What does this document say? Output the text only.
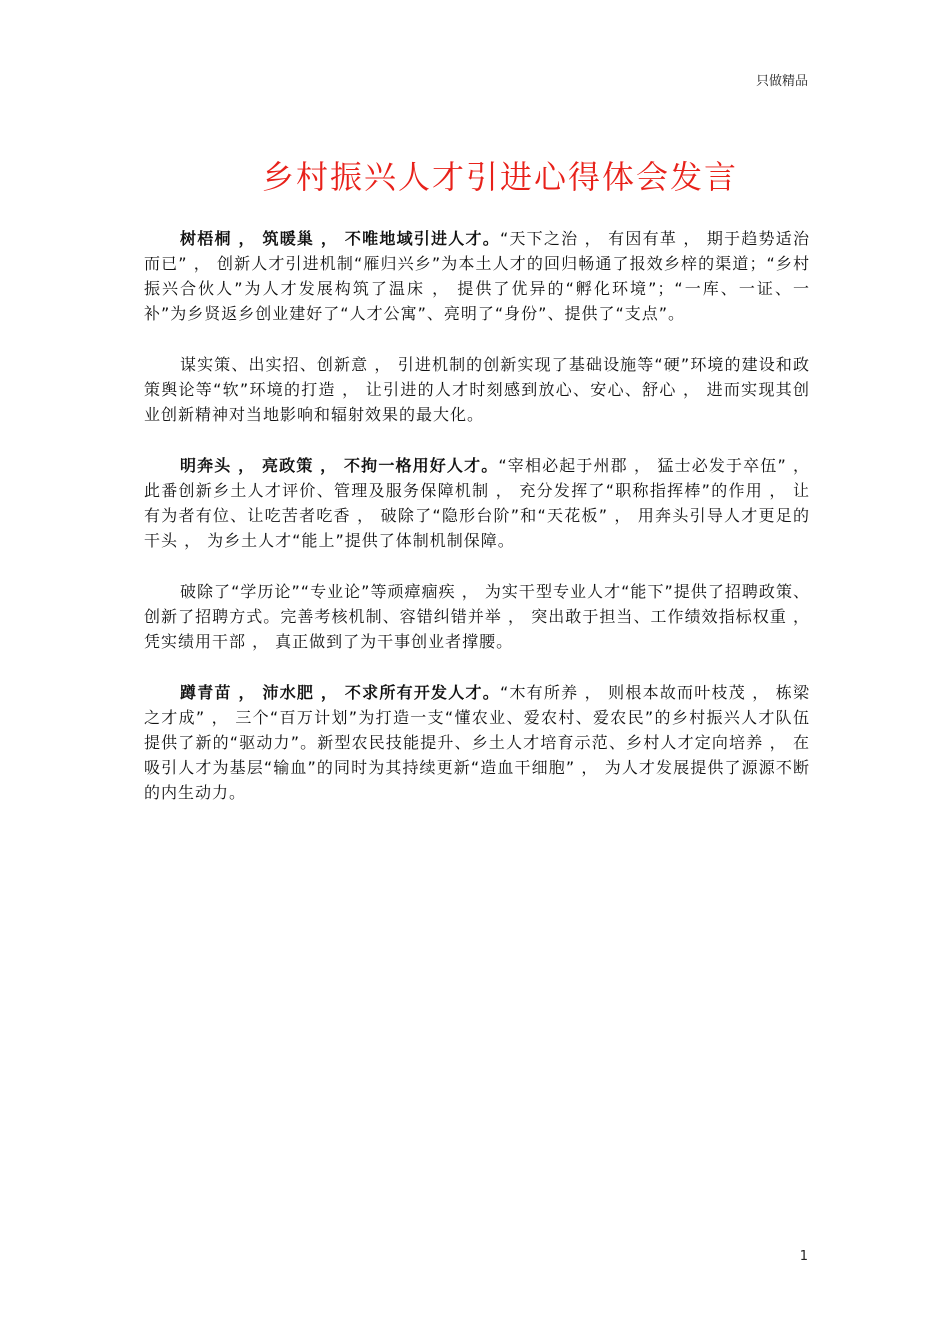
只做精品
乡村振兴人才引进心得体会发言

树梧桐 ， 筑暖巢 ， 不唯地域引进人才。“天下之治 ， 有因有革 ， 期于趋势适治而已” ， 创新人才引进机制“雁归兴乡”为本土人才的回归畅通了报效乡梓的渠道；“乡村振兴合伙人”为人才发展构筑了温床 ， 提供了优异的“孵化环境”；“一库、一证、一补”为乡贤返乡创业建好了“人才公寓”、亮明了“身份”、提供了“支点”。

谋实策、出实招、创新意 ， 引进机制的创新实现了基础设施等“硬”环境的建设和政策舆论等“软”环境的打造 ， 让引进的人才时刻感到放心、安心、舒心 ， 进而实现其创业创新精神对当地影响和辐射效果的最大化。

明奔头 ， 亮政策 ， 不拘一格用好人才。“宰相必起于州郡 ， 猛士必发于卒伍” ， 此番创新乡土人才评价、管理及服务保障机制 ， 充分发挥了“职称指挥棒”的作用 ， 让有为者有位、让吃苦者吃香 ， 破除了“隐形台阶”和“天花板” ， 用奔头引导人才更足的干头 ， 为乡土人才“能上”提供了体制机制保障。

破除了“学历论”“专业论”等顽瘴痼疾 ， 为实干型专业人才“能下”提供了招聘政策、创新了招聘方式。完善考核机制、容错纠错并举 ， 突出敢于担当、工作绩效指标权重 ， 凭实绩用干部 ， 真正做到了为干事创业者撑腰。

蹲青苗 ， 沛水肥 ， 不求所有开发人才。“木有所养 ， 则根本故而叶枝茂 ， 栋梁之才成” ， 三个“百万计划”为打造一支“懂农业、爱农村、爱农民”的乡村振兴人才队伍提供了新的“驱动力”。新型农民技能提升、乡土人才培育示范、乡村人才定向培养 ， 在吸引人才为基层“输血”的同时为其持续更新“造血干细胞” ， 为人才发展提供了源源不断的内生动力。

1
